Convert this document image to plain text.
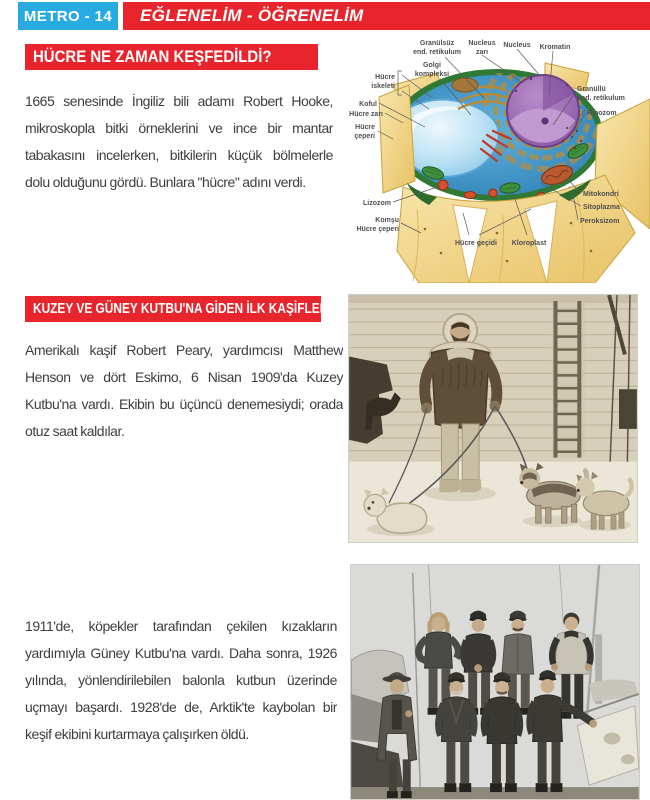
METRO - 14	EĞLENELİM - ÖĞRENELİM
HÜCRE NE ZAMAN KEŞFEDİLDİ?
1665 senesinde İngiliz bili adamı Robert Hooke,
mikroskopla bitki örneklerini ve ince bir mantar
tabakasını incelerken, bitkilerin küçük bölmelerle
dolu olduğunu gördü. Bunlara "hücre" adını verdi.
Granülsüz
end. retikulum
Golgi
kompleksi
Nucleus
zarı
Nucleus Kromatin
Hücre
iskeleti
Koful
Hücre zarı
Hücre
çeperi
Granüllü
end. retikulum
Ribozom
Mitokondri
Sitoplazma
Peroksizom
Lizozom
Komşu
Hücre çeperi
Hücre geçidi Kloroplast
KUZEY VE GÜNEY KUTBU'NA GİDEN İLK KAŞİFLER
Amerikalı kaşif Robert Peary, yardımcısı Matthew
Henson ve dört Eskimo, 6 Nisan 1909'da Kuzey
Kutbu'na vardı. Ekibin bu üçüncü denemesiydi; orada
otuz saat kaldılar.
1911'de, köpekler tarafından çekilen kızakların
yardımıyla Güney Kutbu'na vardı. Daha sonra, 1926
yılında, yönlendirilebilen balonla kutbun üzerinde
uçmayı başardı. 1928'de de, Arktik'te kaybolan bir
keşif ekibini kurtarmaya çalışırken öldü.
